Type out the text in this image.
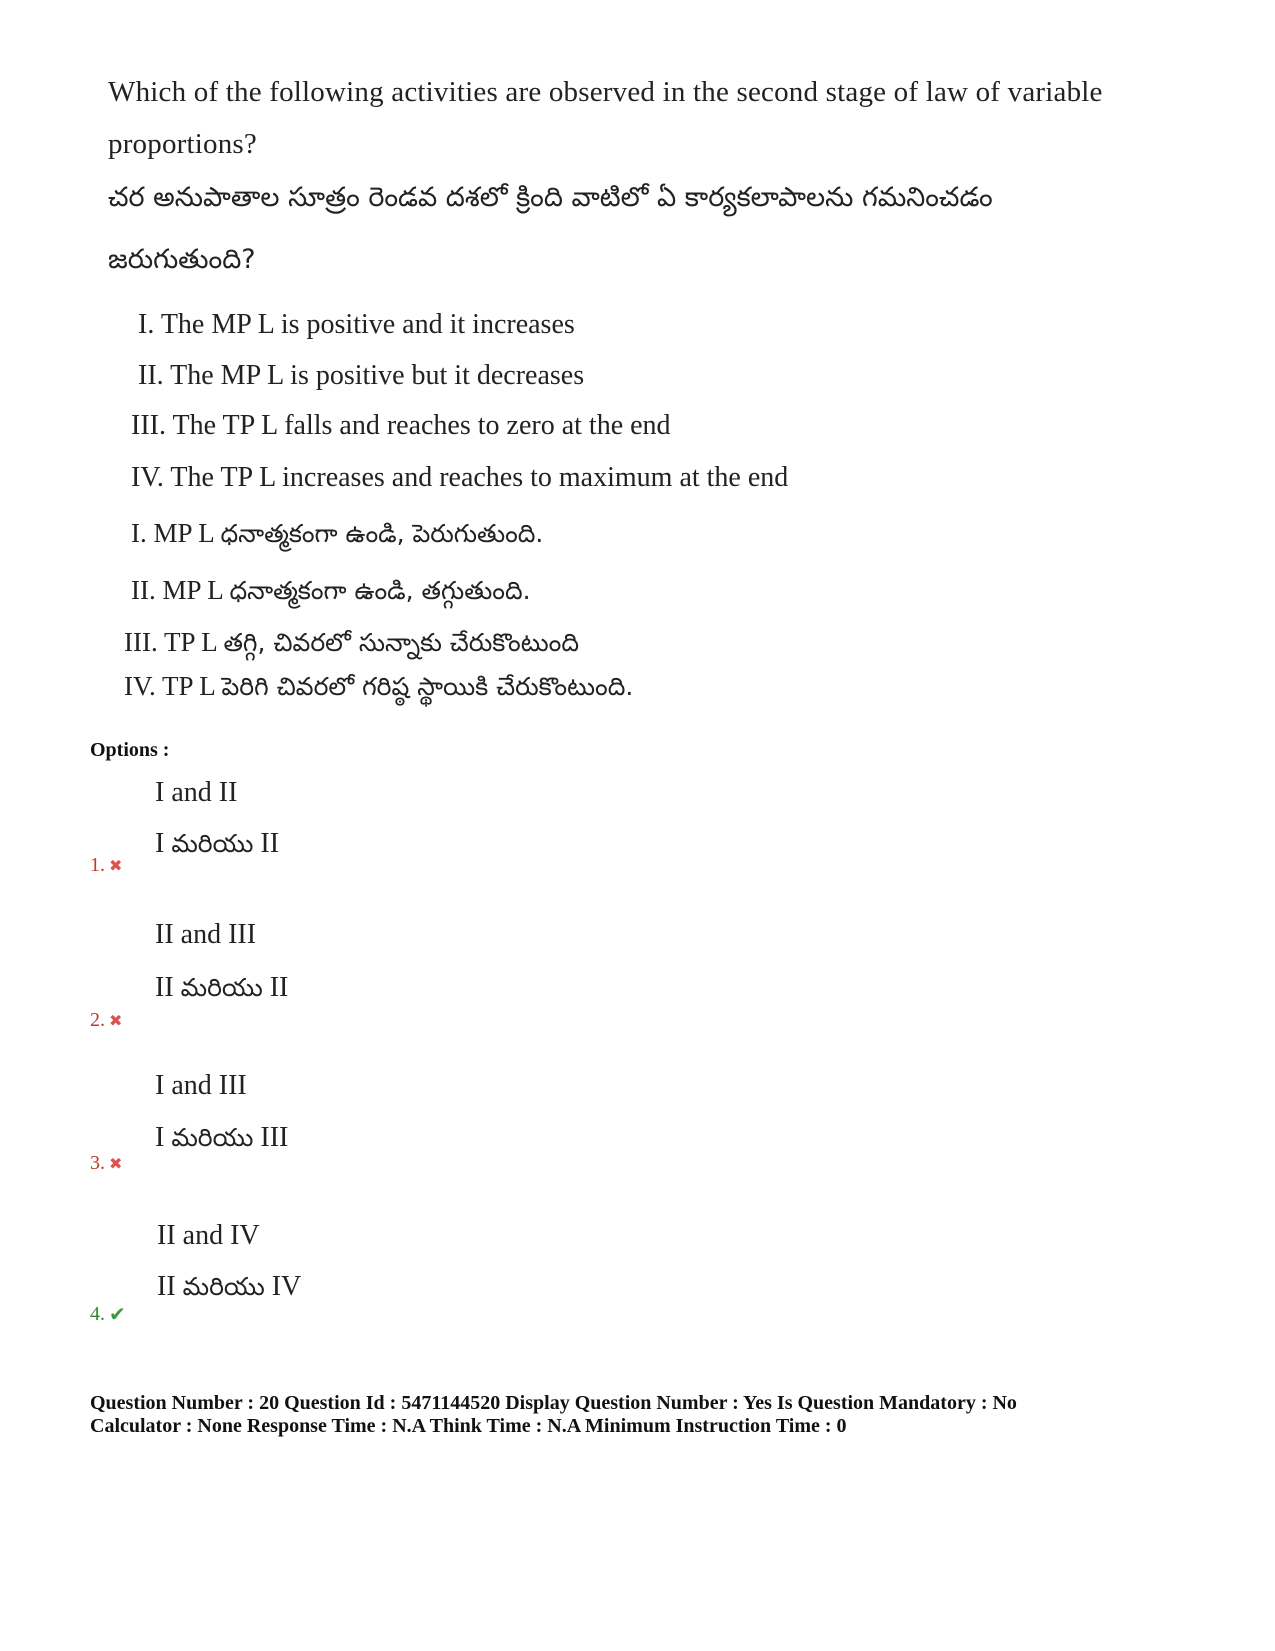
Which of the following activities are observed in the second stage of law of variable
proportions?
చర అనుపాతాల సూత్రం రెండవ దశలో క్రింది వాటిలో ఏ కార్యకలాపాలను గమనించడం
జరుగుతుంది?
I. The MP L is positive and it increases
II. The MP L is positive but it decreases
III. The TP L falls and reaches to zero at the end
IV. The TP L increases and reaches to maximum at the end
I. MP L ధనాత్మకంగా ఉండి, పెరుగుతుంది.
II. MP L ధనాత్మకంగా ఉండి, తగ్గుతుంది.
III. TP L తగ్గి, చివరలో సున్నాకు చేరుకొంటుంది
IV. TP L పెరిగి చివరలో గరిష్ఠ స్థాయికి చేరుకొంటుంది.
Options :
I and II
I మరియు II
1. ✖
II and III
II మరియు II
2. ✖
I and III
I మరియు III
3. ✖
II and IV
II మరియు IV
4. ✔
Question Number : 20 Question Id : 5471144520 Display Question Number : Yes Is Question Mandatory : No
Calculator : None Response Time : N.A Think Time : N.A Minimum Instruction Time : 0
